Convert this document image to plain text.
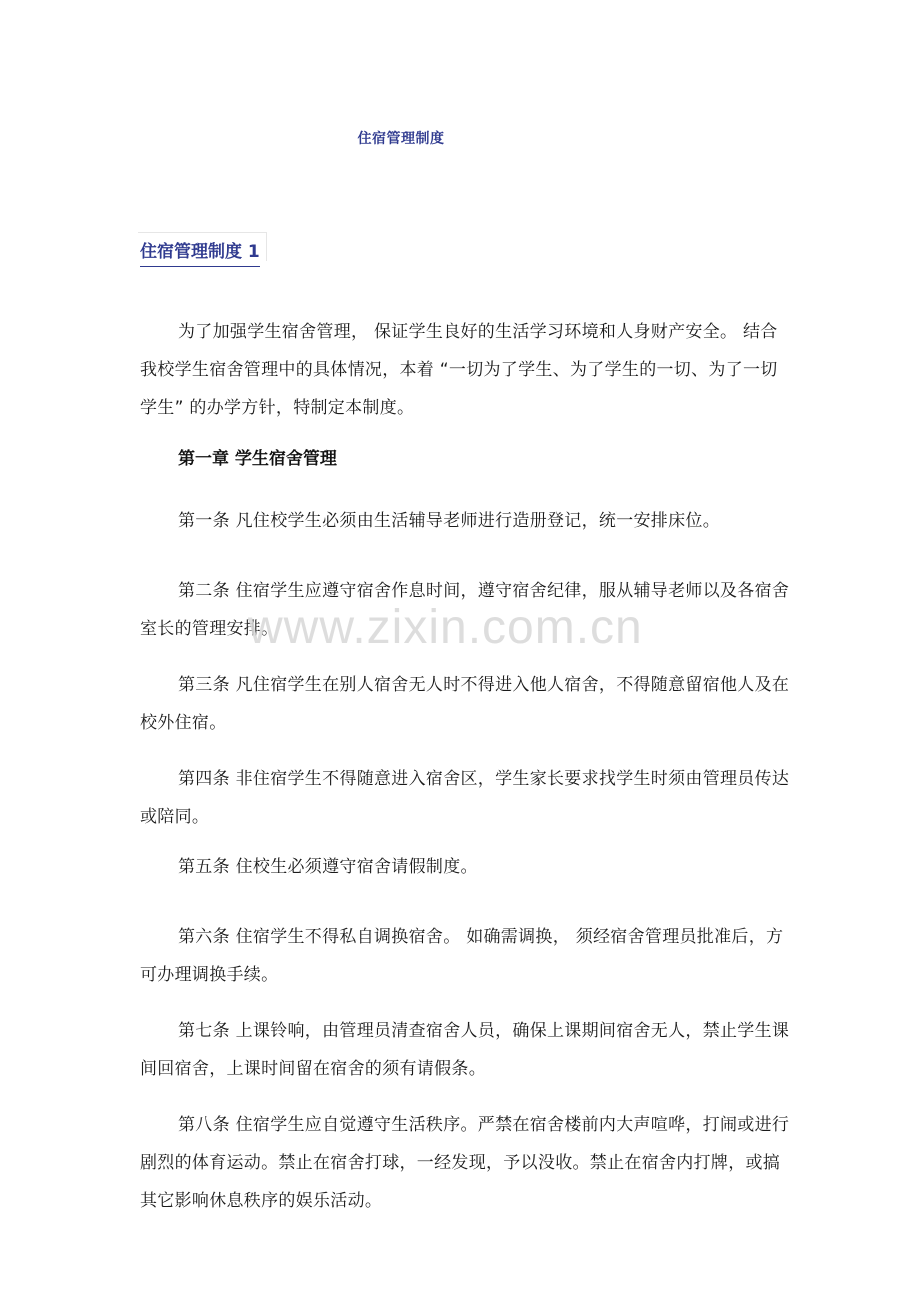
住宿管理制度
住宿管理制度 1

为了加强学生宿舍管理， 保证学生良好的生活学习环境和人身财产安全。 结合我校学生宿舍管理中的具体情况，本着 “一切为了学生、为了学生的一切、为了一切学生” 的办学方针，特制定本制度。

第一章 学生宿舍管理

第一条 凡住校学生必须由生活辅导老师进行造册登记，统一安排床位。

第二条 住宿学生应遵守宿舍作息时间，遵守宿舍纪律，服从辅导老师以及各宿舍室长的管理安排。

第三条 凡住宿学生在别人宿舍无人时不得进入他人宿舍，不得随意留宿他人及在校外住宿。

第四条 非住宿学生不得随意进入宿舍区，学生家长要求找学生时须由管理员传达或陪同。

第五条 住校生必须遵守宿舍请假制度。

第六条 住宿学生不得私自调换宿舍。 如确需调换， 须经宿舍管理员批准后，方可办理调换手续。

第七条 上课铃响，由管理员清查宿舍人员，确保上课期间宿舍无人，禁止学生课间回宿舍，上课时间留在宿舍的须有请假条。

第八条 住宿学生应自觉遵守生活秩序。严禁在宿舍楼前内大声喧哗，打闹或进行剧烈的体育运动。禁止在宿舍打球，一经发现，予以没收。禁止在宿舍内打牌，或搞其它影响休息秩序的娱乐活动。

www.zixin.com.cn
